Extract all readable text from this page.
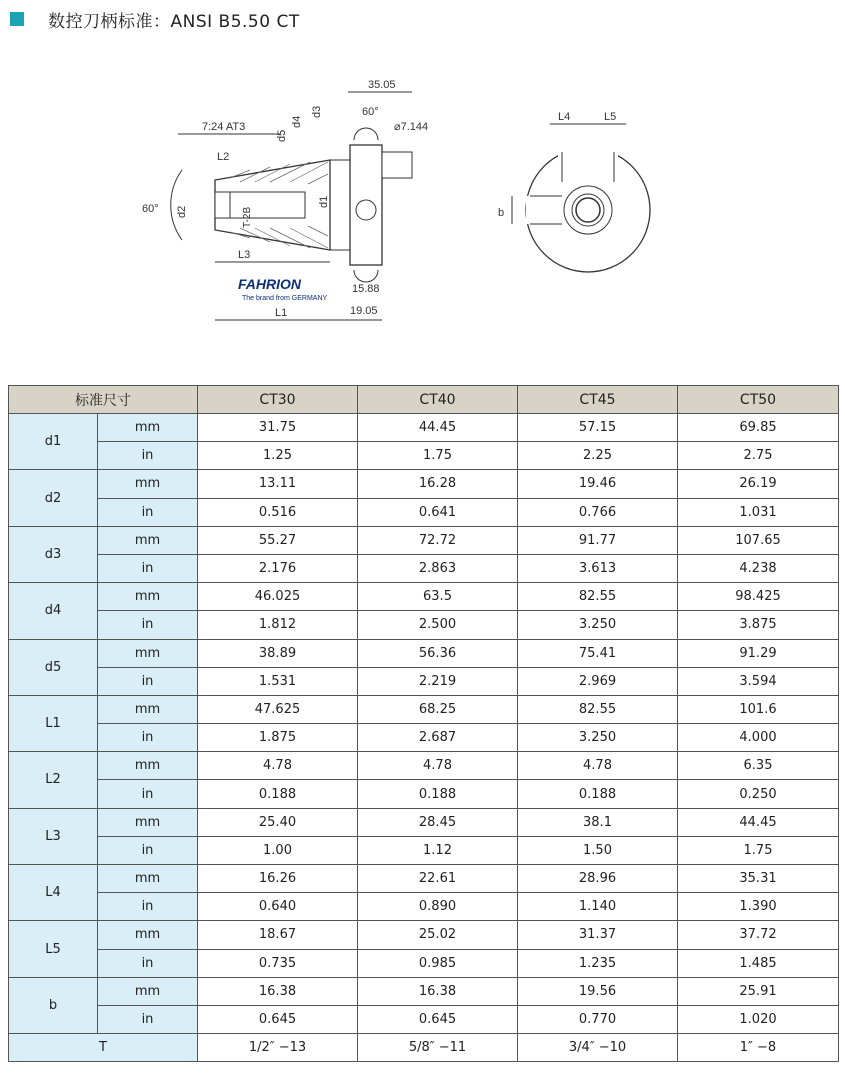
数控刀柄标准：ANSI B5.50 CT
35.05
60°
d3
d4
d5
⌀7.144
7:24 AT3
L2
T-2B
d2
d1
60°
L3
L1
15.88
19.05
FAHRION
The brand from GERMANY
L4	L5
b
标准尺寸		CT30	CT40	CT45	CT50
d1	mm	31.75	44.45	57.15	69.85
	in	1.25	1.75	2.25	2.75
d2	mm	13.11	16.28	19.46	26.19
	in	0.516	0.641	0.766	1.031
d3	mm	55.27	72.72	91.77	107.65
	in	2.176	2.863	3.613	4.238
d4	mm	46.025	63.5	82.55	98.425
	in	1.812	2.500	3.250	3.875
d5	mm	38.89	56.36	75.41	91.29
	in	1.531	2.219	2.969	3.594
L1	mm	47.625	68.25	82.55	101.6
	in	1.875	2.687	3.250	4.000
L2	mm	4.78	4.78	4.78	6.35
	in	0.188	0.188	0.188	0.250
L3	mm	25.40	28.45	38.1	44.45
	in	1.00	1.12	1.50	1.75
L4	mm	16.26	22.61	28.96	35.31
	in	0.640	0.890	1.140	1.390
L5	mm	18.67	25.02	31.37	37.72
	in	0.735	0.985	1.235	1.485
b	mm	16.38	16.38	19.56	25.91
	in	0.645	0.645	0.770	1.020
T		1/2″ −13	5/8″ −11	3/4″ −10	1″ −8
